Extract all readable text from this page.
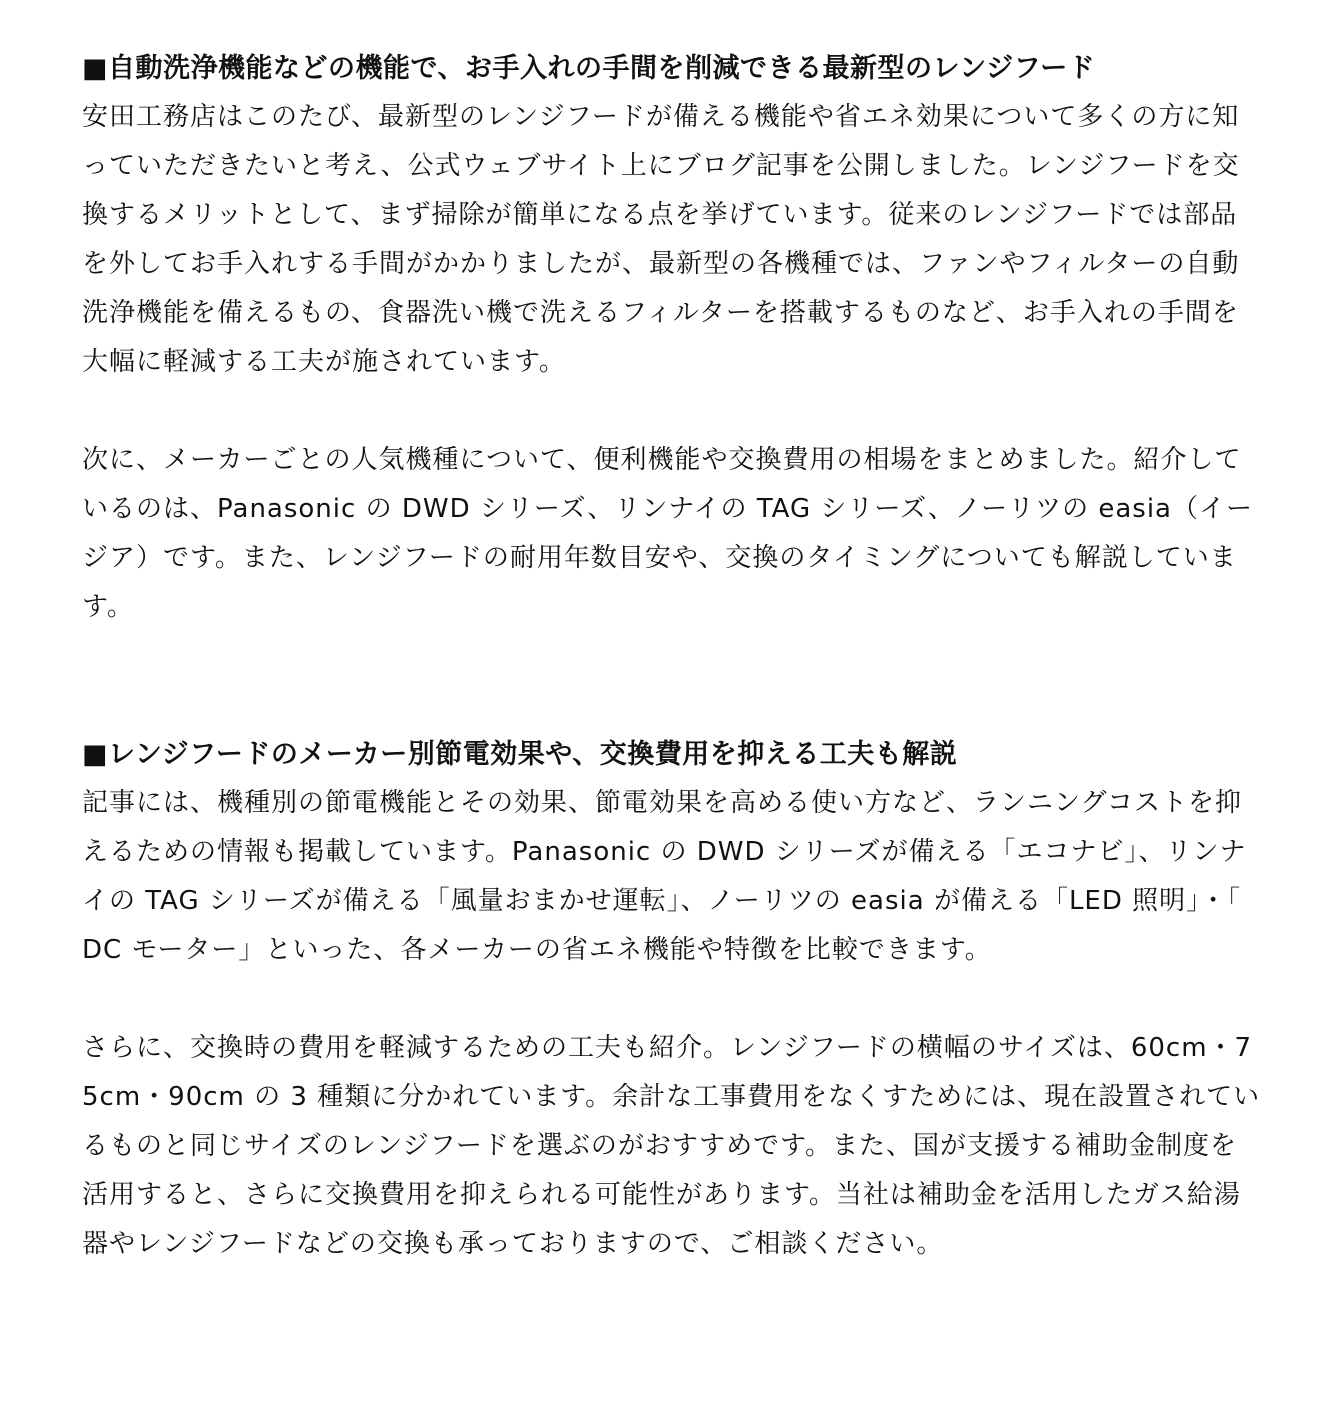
■自動洗浄機能などの機能で、お手入れの手間を削減できる最新型のレンジフード

安田工務店はこのたび、最新型のレンジフードが備える機能や省エネ効果について多くの方に知っていただきたいと考え、公式ウェブサイト上にブログ記事を公開しました。レンジフードを交換するメリットとして、まず掃除が簡単になる点を挙げています。従来のレンジフードでは部品を外してお手入れする手間がかかりましたが、最新型の各機種では、ファンやフィルターの自動洗浄機能を備えるもの、食器洗い機で洗えるフィルターを搭載するものなど、お手入れの手間を大幅に軽減する工夫が施されています。

次に、メーカーごとの人気機種について、便利機能や交換費用の相場をまとめました。紹介しているのは、Panasonic の DWD シリーズ、リンナイの TAG シリーズ、ノーリツの easia（イージア）です。また、レンジフードの耐用年数目安や、交換のタイミングについても解説しています。

■レンジフードのメーカー別節電効果や、交換費用を抑える工夫も解説

記事には、機種別の節電機能とその効果、節電効果を高める使い方など、ランニングコストを抑えるための情報も掲載しています。Panasonic の DWD シリーズが備える「エコナビ」、リンナイの TAG シリーズが備える「風量おまかせ運転」、ノーリツの easia が備える「LED 照明」・「DC モーター」といった、各メーカーの省エネ機能や特徴を比較できます。

さらに、交換時の費用を軽減するための工夫も紹介。レンジフードの横幅のサイズは、60cm・75cm・90cm の 3 種類に分かれています。余計な工事費用をなくすためには、現在設置されているものと同じサイズのレンジフードを選ぶのがおすすめです。また、国が支援する補助金制度を活用すると、さらに交換費用を抑えられる可能性があります。当社は補助金を活用したガス給湯器やレンジフードなどの交換も承っておりますので、ご相談ください。
